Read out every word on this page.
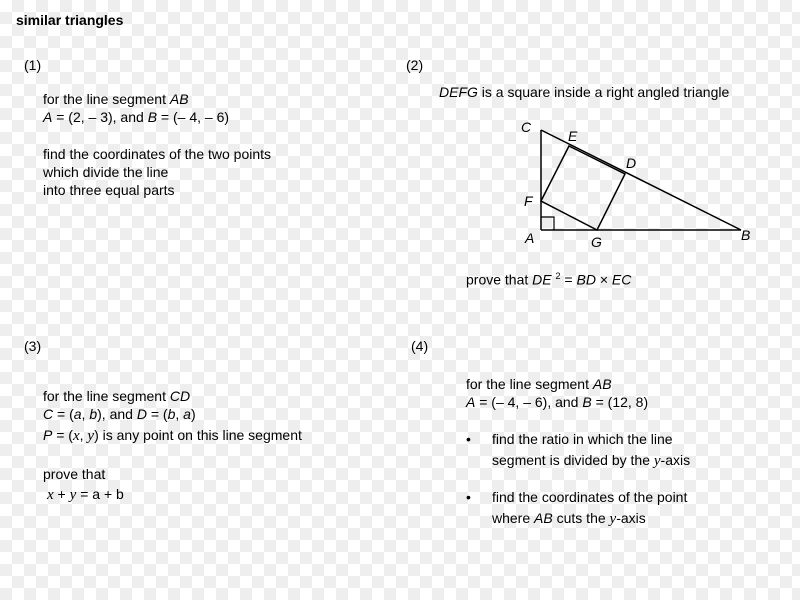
similar triangles
(1)
for the line segment AB
A = (2, – 3), and B = (– 4, – 6)
find the coordinates of the two points
which divide the line
into three equal parts
(2)
DEFG is a square inside a right angled triangle
C
E
D
F
A	G	B
prove that DE $^2$ = BD × EC
(3)
for the line segment CD
C = (a, b), and D = (b, a)
P = (x, y) is any point on this line segment
prove that
x + y = a + b
(4)
for the line segment AB
A = (– 4, – 6), and B = (12, 8)
• find the ratio in which the line
segment is divided by the y-axis
• find the coordinates of the point
where AB cuts the y-axis
